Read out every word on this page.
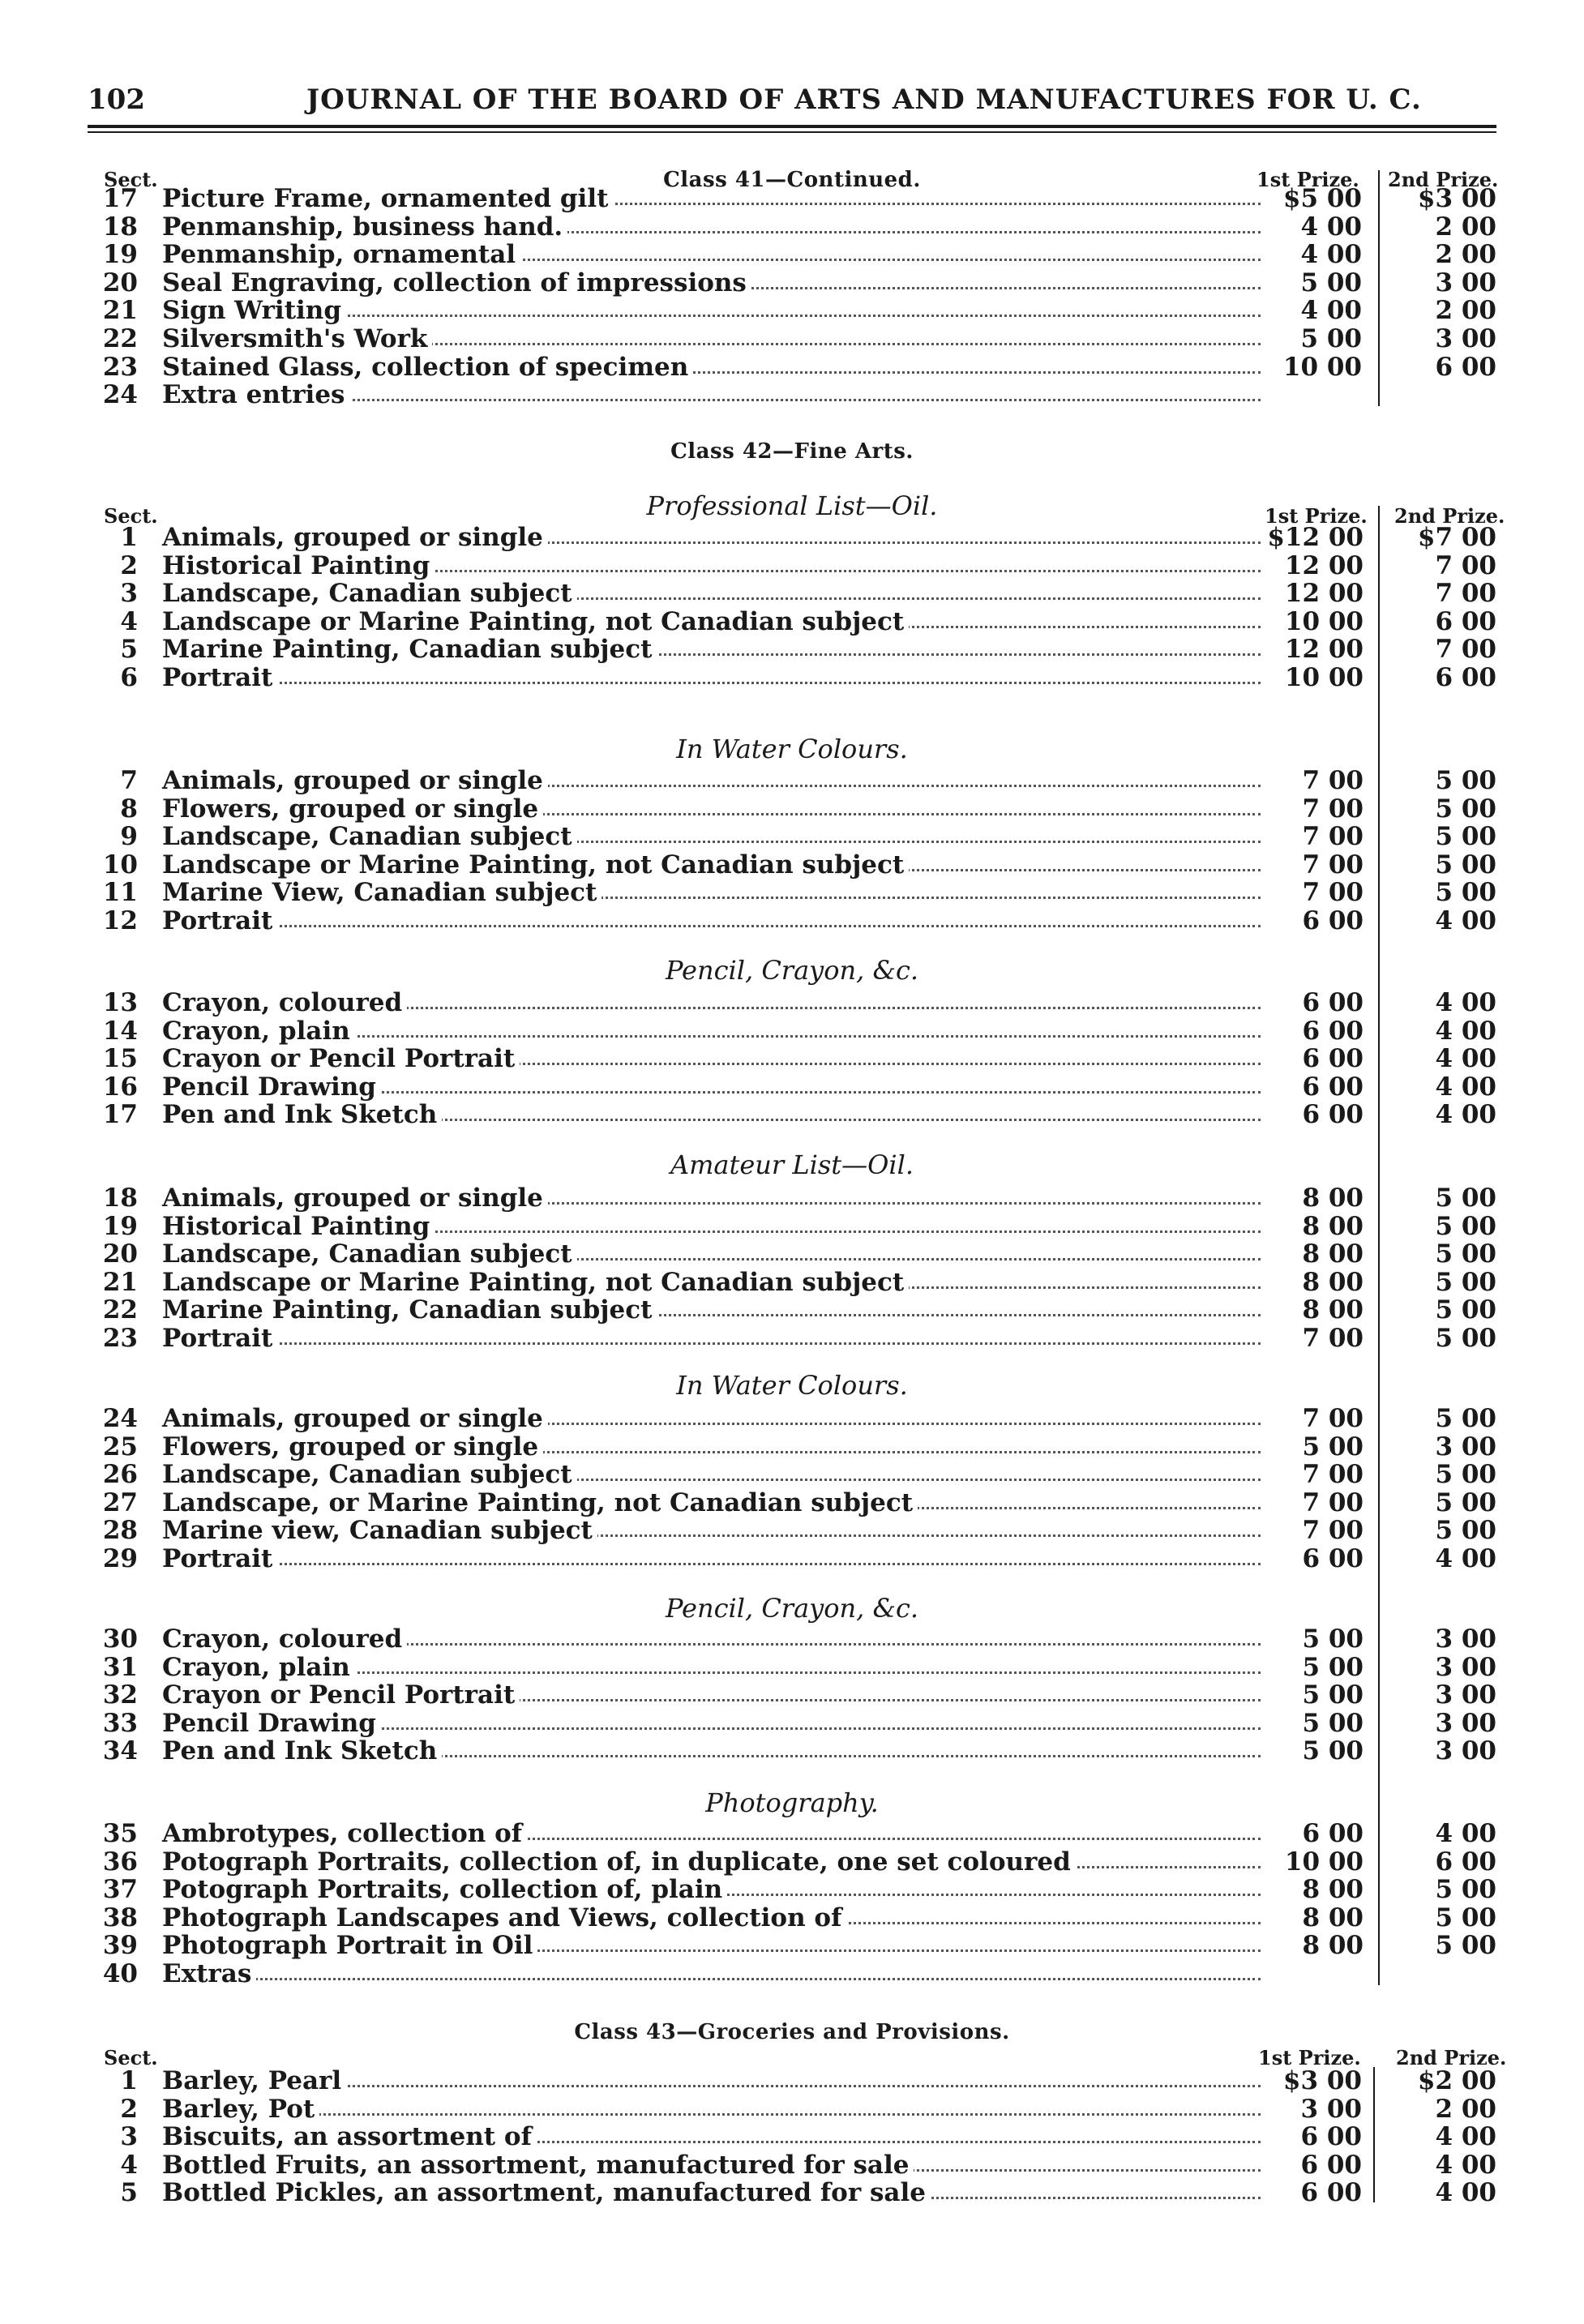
102	JOURNAL OF THE BOARD OF ARTS AND MANUFACTURES FOR U. C.
Sect.	1st Prize. 2nd Prize.
Class 41—Continued.
17 Picture Frame, ornamented gilt	$5 00	$3 00
18 Penmanship, business hand.	4 00	2 00
19 Penmanship, ornamental	4 00	2 00
20 Seal Engraving, collection of impressions	5 00	3 00
21 Sign Writing	4 00	2 00
22 Silversmith's Work	5 00	3 00
23 Stained Glass, collection of specimen	10 00	6 00
24 Extra entries
Class 42—Fine Arts.
Professional List—Oil.
Sect.	1st Prize. 2nd Prize.
1 Animals, grouped or single	$12 00	$7 00
2 Historical Painting	12 00	7 00
3 Landscape, Canadian subject	12 00	7 00
4 Landscape or Marine Painting, not Canadian subject	10 00	6 00
5 Marine Painting, Canadian subject	12 00	7 00
6 Portrait	10 00	6 00
In Water Colours.
7 Animals, grouped or single	7 00	5 00
8 Flowers, grouped or single	7 00	5 00
9 Landscape, Canadian subject	7 00	5 00
10 Landscape or Marine Painting, not Canadian subject	7 00	5 00
11 Marine View, Canadian subject	7 00	5 00
12 Portrait	6 00	4 00
Pencil, Crayon, &c.
13 Crayon, coloured	6 00	4 00
14 Crayon, plain	6 00	4 00
15 Crayon or Pencil Portrait	6 00	4 00
16 Pencil Drawing	6 00	4 00
17 Pen and Ink Sketch	6 00	4 00
Amateur List—Oil.
18 Animals, grouped or single	8 00	5 00
19 Historical Painting	8 00	5 00
20 Landscape, Canadian subject	8 00	5 00
21 Landscape or Marine Painting, not Canadian subject	8 00	5 00
22 Marine Painting, Canadian subject	8 00	5 00
23 Portrait	7 00	5 00
In Water Colours.
24 Animals, grouped or single	7 00	5 00
25 Flowers, grouped or single	5 00	3 00
26 Landscape, Canadian subject	7 00	5 00
27 Landscape, or Marine Painting, not Canadian subject	7 00	5 00
28 Marine view, Canadian subject	7 00	5 00
29 Portrait	6 00	4 00
Pencil, Crayon, &c.
30 Crayon, coloured	5 00	3 00
31 Crayon, plain	5 00	3 00
32 Crayon or Pencil Portrait	5 00	3 00
33 Pencil Drawing	5 00	3 00
34 Pen and Ink Sketch	5 00	3 00
Photography.
35 Ambrotypes, collection of	6 00	4 00
36 Potograph Portraits, collection of, in duplicate, one set coloured	10 00	6 00
37 Potograph Portraits, collection of, plain	8 00	5 00
38 Photograph Landscapes and Views, collection of	8 00	5 00
39 Photograph Portrait in Oil	8 00	5 00
40 Extras
Class 43—Groceries and Provisions.
Sect.	1st Prize. 2nd Prize.
1 Barley, Pearl	$3 00	$2 00
2 Barley, Pot	3 00	2 00
3 Biscuits, an assortment of	6 00	4 00
4 Bottled Fruits, an assortment, manufactured for sale	6 00	4 00
5 Bottled Pickles, an assortment, manufactured for sale	6 00	4 00
